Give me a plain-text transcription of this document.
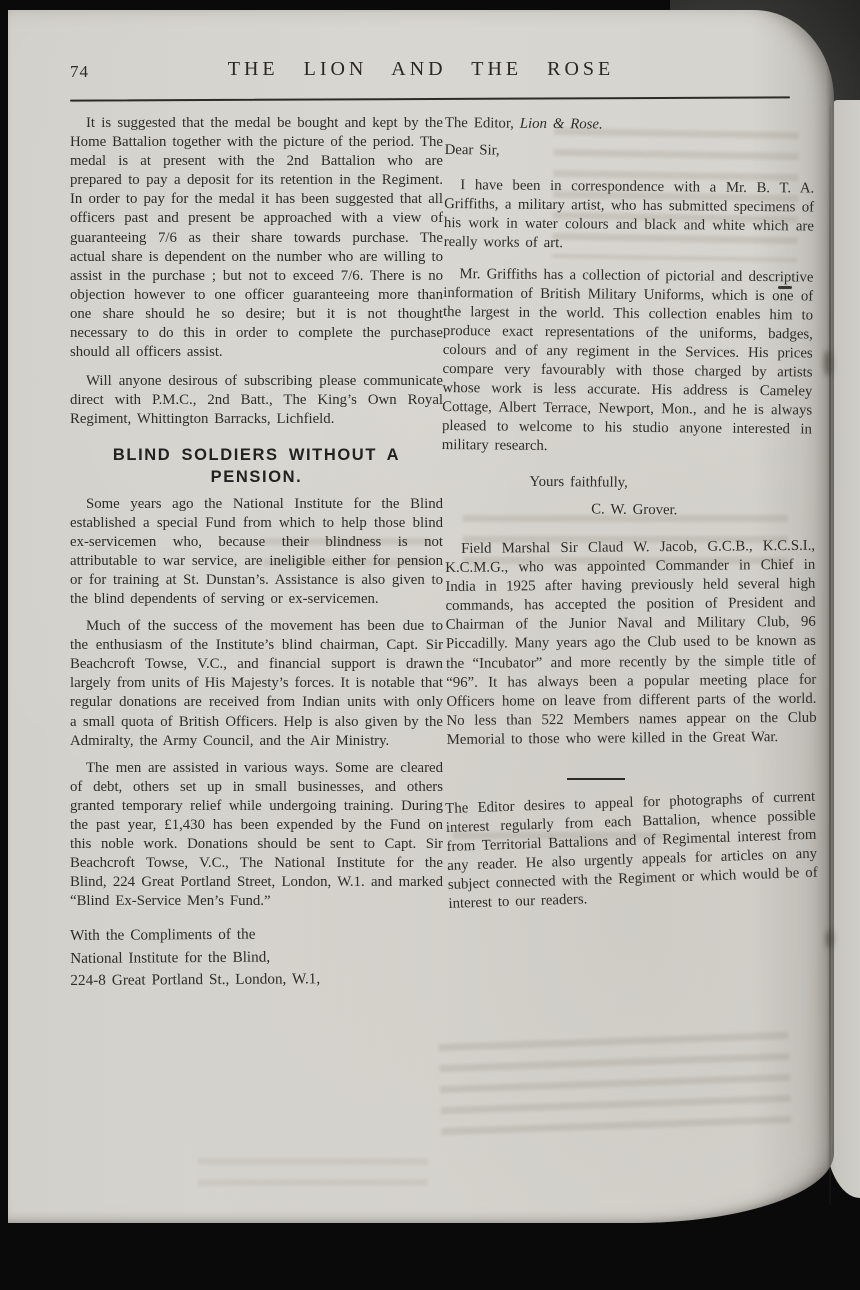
74	THE LION AND THE ROSE

It is suggested that the medal be bought and kept by the Home Battalion together with the picture of the period. The medal is at present with the 2nd Battalion who are prepared to pay a deposit for its retention in the Regiment. In order to pay for the medal it has been suggested that all officers past and present be approached with a view of guaranteeing 7/6 as their share towards purchase. The actual share is dependent on the number who are willing to assist in the purchase ; but not to exceed 7/6. There is no objection however to one officer guaranteeing more than one share should he so desire; but it is not thought necessary to do this in order to complete the purchase should all officers assist.

Will anyone desirous of subscribing please communicate direct with P.M.C., 2nd Batt., The King’s Own Royal Regiment, Whittington Barracks, Lichfield.

BLIND SOLDIERS WITHOUT A
PENSION.

Some years ago the National Institute for the Blind established a special Fund from which to help those blind ex-servicemen who, because their blindness is not attributable to war service, are ineligible either for pension or for training at St. Dunstan’s. Assistance is also given to the blind dependents of serving or ex-servicemen.

Much of the success of the movement has been due to the enthusiasm of the Institute’s blind chairman, Capt. Sir Beachcroft Towse, V.C., and financial support is drawn largely from units of His Majesty’s forces. It is notable that regular donations are received from Indian units with only a small quota of British Officers. Help is also given by the Admiralty, the Army Council, and the Air Ministry.

The men are assisted in various ways. Some are cleared of debt, others set up in small businesses, and others granted temporary relief while undergoing training. During the past year, £1,430 has been expended by the Fund on this noble work. Donations should be sent to Capt. Sir Beachcroft Towse, V.C., The National Institute for the Blind, 224 Great Portland Street, London, W.1. and marked “Blind Ex-Service Men’s Fund.”

With the Compliments of the
National Institute for the Blind,
224-8 Great Portland St., London, W.1,

The Editor, Lion & Rose.

Dear Sir,

I have been in correspondence with a Mr. B. T. A. Griffiths, a military artist, who has submitted specimens of his work in water colours and black and white which are really works of art.

Mr. Griffiths has a collection of pictorial and descriptive information of British Military Uniforms, which is one of the largest in the world. This collection enables him to produce exact representations of the uniforms, badges, colours and of any regiment in the Services. His prices compare very favourably with those charged by artists whose work is less accurate. His address is Cameley Cottage, Albert Terrace, Newport, Mon., and he is always pleased to welcome to his studio anyone interested in military research.

Yours faithfully,

C. W. Grover.

Field Marshal Sir Claud W. Jacob, G.C.B., K.C.S.I., K.C.M.G., who was appointed Commander in Chief in India in 1925 after having previously held several high commands, has accepted the position of President and Chairman of the Junior Naval and Military Club, 96 Piccadilly. Many years ago the Club used to be known as the “Incubator” and more recently by the simple title of “96”. It has always been a popular meeting place for Officers home on leave from different parts of the world. No less than 522 Members names appear on the Club Memorial to those who were killed in the Great War.

The Editor desires to appeal for photographs of current interest regularly from each Battalion, whence possible from Territorial Battalions and of Regimental interest from any reader. He also urgently appeals for articles on any subject connected with the Regiment or which would be of interest to our readers.
